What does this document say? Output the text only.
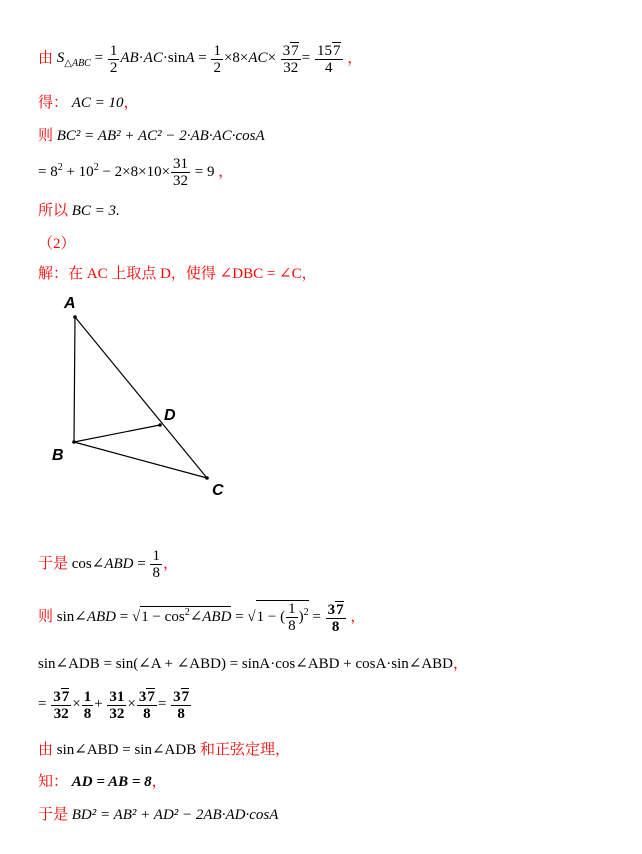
由 $S_{\triangle ABC} = \frac{1}{2} AB\cdot AC\cdot\sin A = \frac{1}{2} \times 8\times AC\times \frac{37}{32} = \frac{157}{4}$ ，
得： AC = 10，
则 BC² = AB² + AC² − 2·AB·AC·cosA
= $8^2 + 10^2 - 2\times 8\times 10\times \frac{31}{32} = 9$ ，
所以 BC = 3.
（2）
解：在 AC 上取点 D，使得 ∠DBC = ∠C，
A
B
C
D
于是 cos∠ABD = $\frac{1}{8}$ ，
则 sin∠ABD = $√1 - \cos^2\angle ABD = √1$ − ( $\frac{1}{8} )^2 = \frac{37}{8}$ ，
sin∠ADB = sin(∠A + ∠ABD) = sinA·cos∠ABD + cosA·sin∠ABD，
= $\frac{37}{32} \times \frac{1}{8} + \frac{31}{32} \times \frac{37}{8} = \frac{37}{8}$
由 sin∠ABD = sin∠ADB 和正弦定理，
知： AD = AB = 8，
于是 BD² = AB² + AD² − 2AB·AD·cosA
